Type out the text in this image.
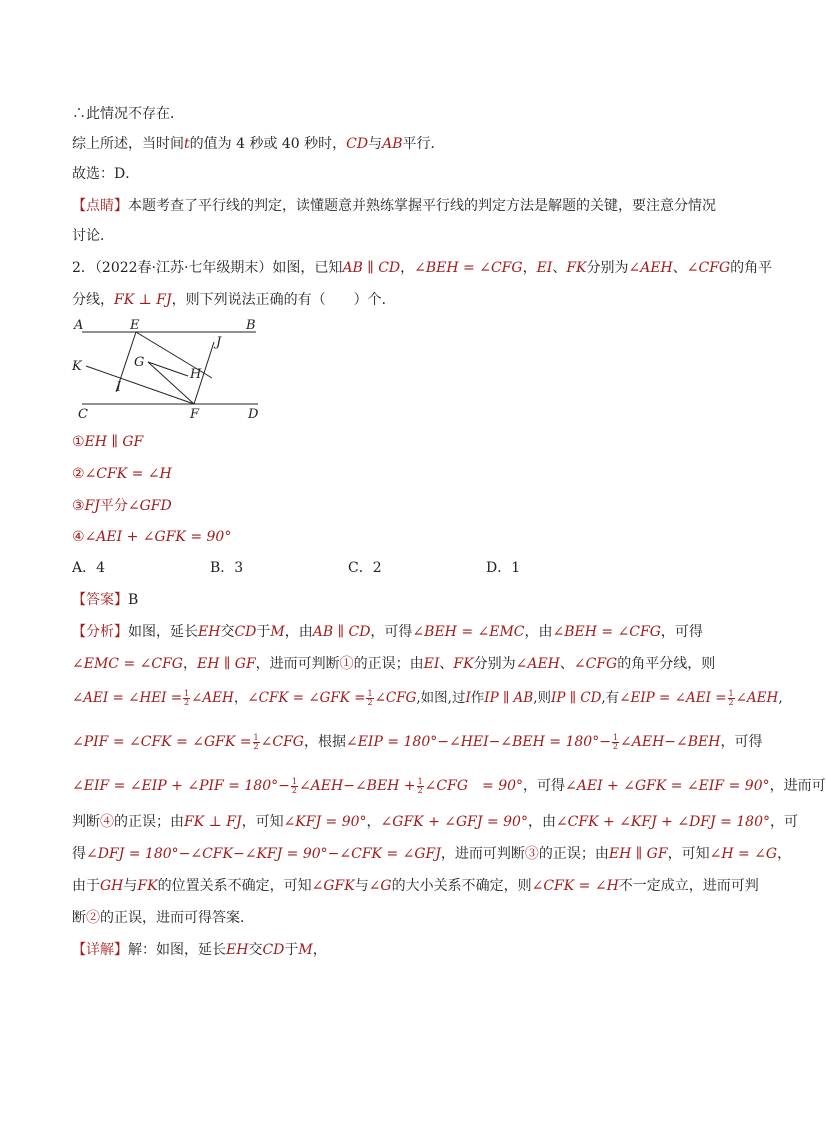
∴此情况不存在．
综上所述，当时间t的值为 4 秒或 40 秒时，CD与AB平行．
故选：D．
【点睛】本题考查了平行线的判定，读懂题意并熟练掌握平行线的判定方法是解题的关键，要注意分情况
讨论．
2．（2022春·江苏·七年级期末）如图，已知AB ∥ CD，∠BEH = ∠CFG，EI、FK分别为∠AEH、∠CFG的角平
分线，FK ⊥ FJ，则下列说法正确的有（　　）个．
A	E	B
J
K	G
H
I
C	F	D
①EH ∥ GF
②∠CFK = ∠H
③FJ平分∠GFD
④∠AEI + ∠GFK = 90°
A．4	B．3	C．2	D．1
【答案】B
【分析】如图，延长EH交CD于M，由AB ∥ CD，可得∠BEH = ∠EMC，由∠BEH = ∠CFG，可得
∠EMC = ∠CFG，EH ∥ GF，进而可判断①的正误；由EI、FK分别为∠AEH、∠CFG的角平分线，则
∠AEI = ∠HEI = $\frac{1}{2}$ ∠AEH，∠CFK = ∠GFK = $\frac{1}{2}$ ∠CFG,如图,过I作IP ∥ AB,则IP ∥ CD,有∠EIP = ∠AEI = $\frac{1}{2}$ ∠AEH,
∠PIF = ∠CFK = ∠GFK = $\frac{1}{2}$ ∠CFG，根据∠EIP = 180°−∠HEI−∠BEH = $180^\circ- \frac{1}{2}$ ∠AEH−∠BEH，可得
∠EIF = ∠EIP + ∠PIF = $180^\circ- \frac{1}{2}$ ∠AEH−∠BEH + $\frac{1}{2}$ ∠CFG　= 90°，可得∠AEI + ∠GFK = ∠EIF = 90°，进而可
判断④的正误；由FK ⊥ FJ，可知∠KFJ = 90°，∠GFK + ∠GFJ = 90°，由∠CFK + ∠KFJ + ∠DFJ = 180°，可
得∠DFJ = 180°−∠CFK−∠KFJ = 90°−∠CFK = ∠GFJ，进而可判断③的正误；由EH ∥ GF，可知∠H = ∠G，
由于GH与FK的位置关系不确定，可知∠GFK与∠G的大小关系不确定，则∠CFK = ∠H不一定成立，进而可判
断②的正误，进而可得答案．
【详解】解：如图，延长EH交CD于M，
